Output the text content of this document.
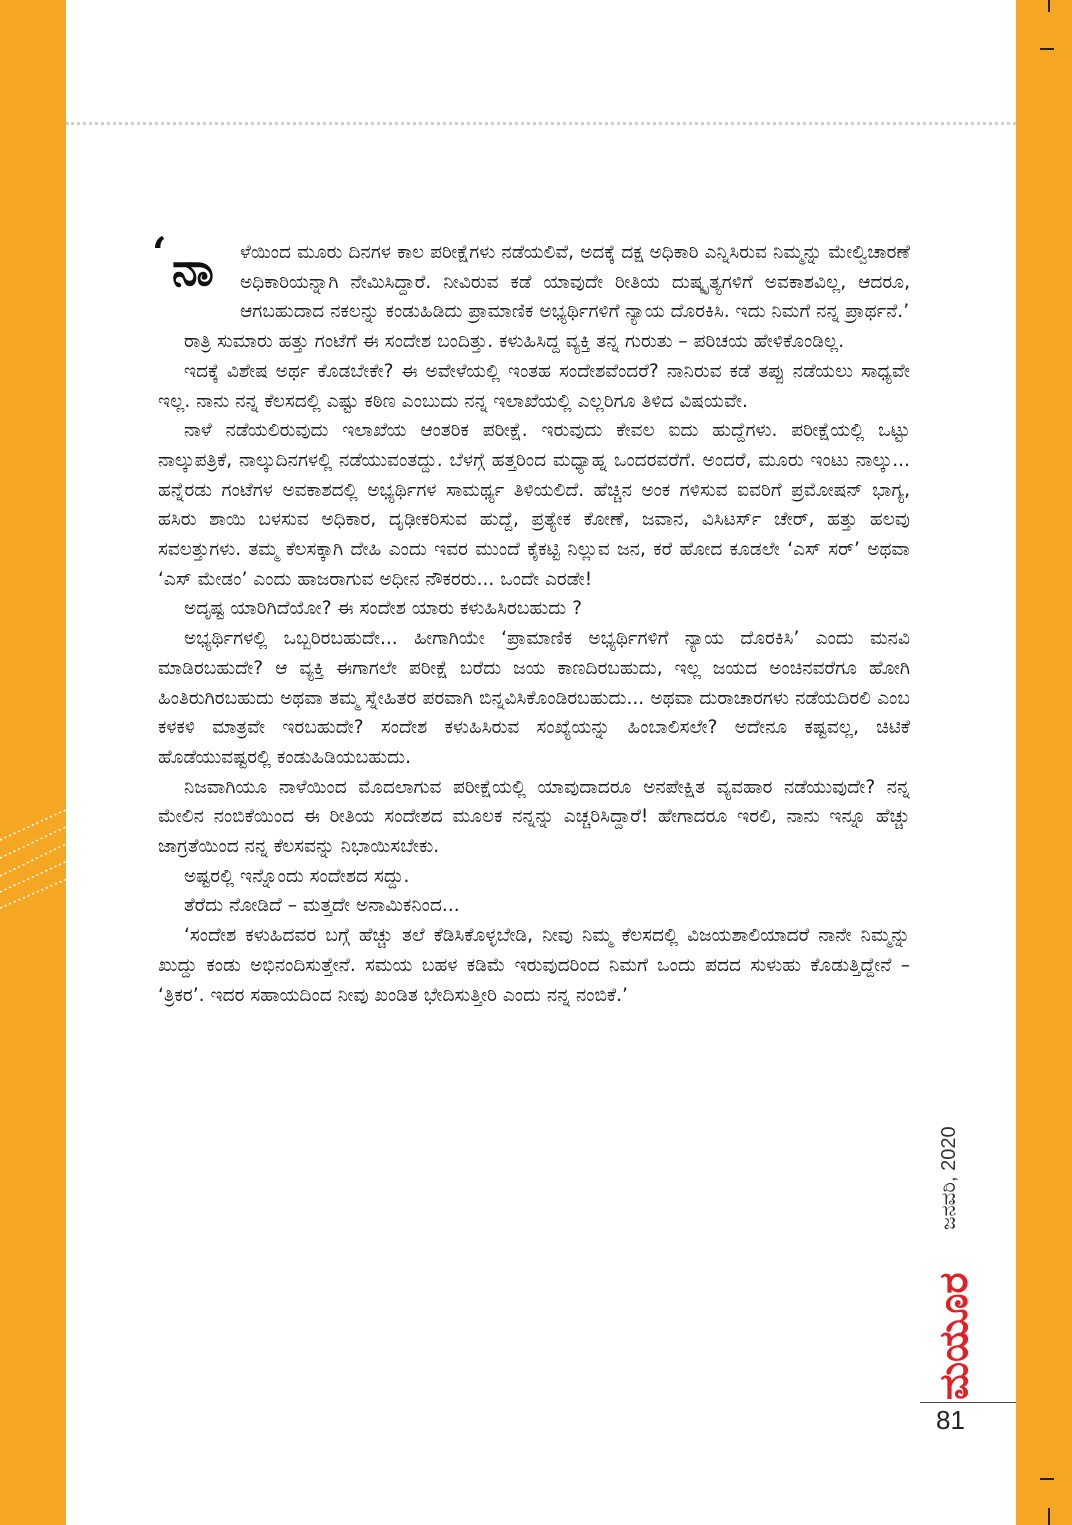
‘ ನಾ ಳೆಯಿಂದ ಮೂರು ದಿನಗಳ ಕಾಲ ಪರೀಕ್ಷೆಗಳು ನಡೆಯಲಿವೆ, ಅದಕ್ಕೆ ದಕ್ಷ ಅಧಿಕಾರಿ ಎನ್ನಿಸಿರುವ ನಿಮ್ಮನ್ನು ಮೇಲ್ವಿಚಾರಣೆ ಅಧಿಕಾರಿಯನ್ನಾಗಿ ನೇಮಿಸಿದ್ದಾರೆ. ನೀವಿರುವ ಕಡೆ ಯಾವುದೇ ರೀತಿಯ ದುಷ್ಕೃತ್ಯಗಳಿಗೆ ಅವಕಾಶವಿಲ್ಲ, ಆದರೂ, ಆಗಬಹುದಾದ ನಕಲನ್ನು ಕಂಡುಹಿಡಿದು ಪ್ರಾಮಾಣಿಕ ಅಭ್ಯರ್ಥಿಗಳಿಗೆ ನ್ಯಾಯ ದೊರಕಿಸಿ. ಇದು ನಿಮಗೆ ನನ್ನ ಪ್ರಾರ್ಥನೆ.’

ರಾತ್ರಿ ಸುಮಾರು ಹತ್ತು ಗಂಟೆಗೆ ಈ ಸಂದೇಶ ಬಂದಿತ್ತು. ಕಳುಹಿಸಿದ್ದ ವ್ಯಕ್ತಿ ತನ್ನ ಗುರುತು – ಪರಿಚಯ ಹೇಳಿಕೊಂಡಿಲ್ಲ.

ಇದಕ್ಕೆ ವಿಶೇಷ ಅರ್ಥ ಕೊಡಬೇಕೇ? ಈ ಅವೇಳೆಯಲ್ಲಿ ಇಂತಹ ಸಂದೇಶವೆಂದರೆ? ನಾನಿರುವ ಕಡೆ ತಪ್ಪು ನಡೆಯಲು ಸಾಧ್ಯವೇ ಇಲ್ಲ. ನಾನು ನನ್ನ ಕೆಲಸದಲ್ಲಿ ಎಷ್ಟು ಕಠಿಣ ಎಂಬುದು ನನ್ನ ಇಲಾಖೆಯಲ್ಲಿ ಎಲ್ಲರಿಗೂ ತಿಳಿದ ವಿಷಯವೇ.

ನಾಳೆ ನಡೆಯಲಿರುವುದು ಇಲಾಖೆಯ ಆಂತರಿಕ ಪರೀಕ್ಷೆ. ಇರುವುದು ಕೇವಲ ಐದು ಹುದ್ದೆಗಳು. ಪರೀಕ್ಷೆಯಲ್ಲಿ ಒಟ್ಟು ನಾಲ್ಕುಪತ್ರಿಕೆ, ನಾಲ್ಕುದಿನಗಳಲ್ಲಿ ನಡೆಯುವಂತದ್ದು. ಬೆಳಗ್ಗೆ ಹತ್ತರಿಂದ ಮಧ್ಯಾಹ್ನ ಒಂದರವರೆಗೆ. ಅಂದರೆ, ಮೂರು ಇಂಟು ನಾಲ್ಕು... ಹನ್ನೆರಡು ಗಂಟೆಗಳ ಅವಕಾಶದಲ್ಲಿ ಅಭ್ಯರ್ಥಿಗಳ ಸಾಮರ್ಥ್ಯ ತಿಳಿಯಲಿದೆ. ಹೆಚ್ಚಿನ ಅಂಕ ಗಳಿಸುವ ಐವರಿಗೆ ಪ್ರಮೋಷನ್ ಭಾಗ್ಯ, ಹಸಿರು ಶಾಯಿ ಬಳಸುವ ಅಧಿಕಾರ, ದೃಢೀಕರಿಸುವ ಹುದ್ದೆ, ಪ್ರತ್ಯೇಕ ಕೋಣೆ, ಜವಾನ, ವಿಸಿಟರ್ಸ್ ಚೇರ್, ಹತ್ತು ಹಲವು ಸವಲತ್ತುಗಳು. ತಮ್ಮ ಕೆಲಸಕ್ಕಾಗಿ ದೇಹಿ ಎಂದು ಇವರ ಮುಂದೆ ಕೈಕಟ್ಟಿ ನಿಲ್ಲುವ ಜನ, ಕರೆ ಹೋದ ಕೂಡಲೇ ‘ಎಸ್ ಸರ್’ ಅಥವಾ ‘ಎಸ್ ಮೇಡಂ’ ಎಂದು ಹಾಜರಾಗುವ ಅಧೀನ ನೌಕರರು... ಒಂದೇ ಎರಡೇ!

ಅದೃಷ್ಟ ಯಾರಿಗಿದೆಯೋ? ಈ ಸಂದೇಶ ಯಾರು ಕಳುಹಿಸಿರಬಹುದು ?

ಅಭ್ಯರ್ಥಿಗಳಲ್ಲಿ ಒಬ್ಬರಿರಬಹುದೇ... ಹೀಗಾಗಿಯೇ ‘ಪ್ರಾಮಾಣಿಕ ಅಭ್ಯರ್ಥಿಗಳಿಗೆ ನ್ಯಾಯ ದೊರಕಿಸಿ’ ಎಂದು ಮನವಿ ಮಾಡಿರಬಹುದೇ? ಆ ವ್ಯಕ್ತಿ ಈಗಾಗಲೇ ಪರೀಕ್ಷೆ ಬರೆದು ಜಯ ಕಾಣದಿರಬಹುದು, ಇಲ್ಲ ಜಯದ ಅಂಚಿನವರೆಗೂ ಹೋಗಿ ಹಿಂತಿರುಗಿರಬಹುದು ಅಥವಾ ತಮ್ಮ ಸ್ನೇಹಿತರ ಪರವಾಗಿ ಬಿನ್ನವಿಸಿಕೊಂಡಿರಬಹುದು... ಅಥವಾ ದುರಾಚಾರಗಳು ನಡೆಯದಿರಲಿ ಎಂಬ ಕಳಕಳಿ ಮಾತ್ರವೇ ಇರಬಹುದೇ? ಸಂದೇಶ ಕಳುಹಿಸಿರುವ ಸಂಖ್ಯೆಯನ್ನು ಹಿಂಬಾಲಿಸಲೇ? ಅದೇನೂ ಕಷ್ಟವಲ್ಲ, ಚಿಟಿಕೆ ಹೊಡೆಯುವಷ್ಟರಲ್ಲಿ ಕಂಡುಹಿಡಿಯಬಹುದು.

ನಿಜವಾಗಿಯೂ ನಾಳೆಯಿಂದ ಮೊದಲಾಗುವ ಪರೀಕ್ಷೆಯಲ್ಲಿ ಯಾವುದಾದರೂ ಅನಪೇಕ್ಷಿತ ವ್ಯವಹಾರ ನಡೆಯುವುದೇ? ನನ್ನ ಮೇಲಿನ ನಂಬಿಕೆಯಿಂದ ಈ ರೀತಿಯ ಸಂದೇಶದ ಮೂಲಕ ನನ್ನನ್ನು ಎಚ್ಚರಿಸಿದ್ದಾರೆ! ಹೇಗಾದರೂ ಇರಲಿ, ನಾನು ಇನ್ನೂ ಹೆಚ್ಚು ಜಾಗ್ರತೆಯಿಂದ ನನ್ನ ಕೆಲಸವನ್ನು ನಿಭಾಯಿಸಬೇಕು.

ಅಷ್ಟರಲ್ಲಿ ಇನ್ನೊಂದು ಸಂದೇಶದ ಸದ್ದು.

ತೆರೆದು ನೋಡಿದೆ – ಮತ್ತದೇ ಅನಾಮಿಕನಿಂದ...

‘ಸಂದೇಶ ಕಳುಹಿದವರ ಬಗ್ಗೆ ಹೆಚ್ಚು ತಲೆ ಕೆಡಿಸಿಕೊಳ್ಳಬೇಡಿ, ನೀವು ನಿಮ್ಮ ಕೆಲಸದಲ್ಲಿ ವಿಜಯಶಾಲಿಯಾದರೆ ನಾನೇ ನಿಮ್ಮನ್ನು ಖುದ್ದು ಕಂಡು ಅಭಿನಂದಿಸುತ್ತೇನೆ. ಸಮಯ ಬಹಳ ಕಡಿಮೆ ಇರುವುದರಿಂದ ನಿಮಗೆ ಒಂದು ಪದದ ಸುಳುಹು ಕೊಡುತ್ತಿದ್ದೇನೆ – ‘ತ್ರಿಕರ’. ಇದರ ಸಹಾಯದಿಂದ ನೀವು ಖಂಡಿತ ಭೇದಿಸುತ್ತೀರಿ ಎಂದು ನನ್ನ ನಂಬಿಕೆ.’

ಜನವರಿ, 2020
ಮಯೂರ
81
